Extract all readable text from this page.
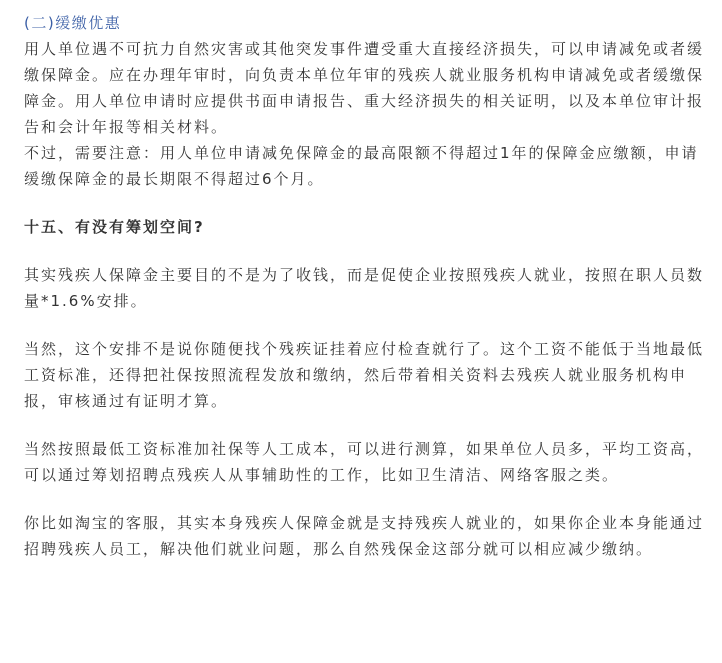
(二)缓缴优惠

用人单位遇不可抗力自然灾害或其他突发事件遭受重大直接经济损失，可以申请减免或者缓缴保障金。应在办理年审时，向负责本单位年审的残疾人就业服务机构申请减免或者缓缴保障金。用人单位申请时应提供书面申请报告、重大经济损失的相关证明，以及本单位审计报告和会计年报等相关材料。

不过，需要注意：用人单位申请减免保障金的最高限额不得超过1年的保障金应缴额，申请缓缴保障金的最长期限不得超过6个月。

十五、有没有筹划空间?

其实残疾人保障金主要目的不是为了收钱，而是促使企业按照残疾人就业，按照在职人员数量*1.6%安排。

当然，这个安排不是说你随便找个残疾证挂着应付检查就行了。这个工资不能低于当地最低工资标准，还得把社保按照流程发放和缴纳，然后带着相关资料去残疾人就业服务机构申报，审核通过有证明才算。

当然按照最低工资标准加社保等人工成本，可以进行测算，如果单位人员多，平均工资高，可以通过筹划招聘点残疾人从事辅助性的工作，比如卫生清洁、网络客服之类。

你比如淘宝的客服，其实本身残疾人保障金就是支持残疾人就业的，如果你企业本身能通过招聘残疾人员工，解决他们就业问题，那么自然残保金这部分就可以相应减少缴纳。
